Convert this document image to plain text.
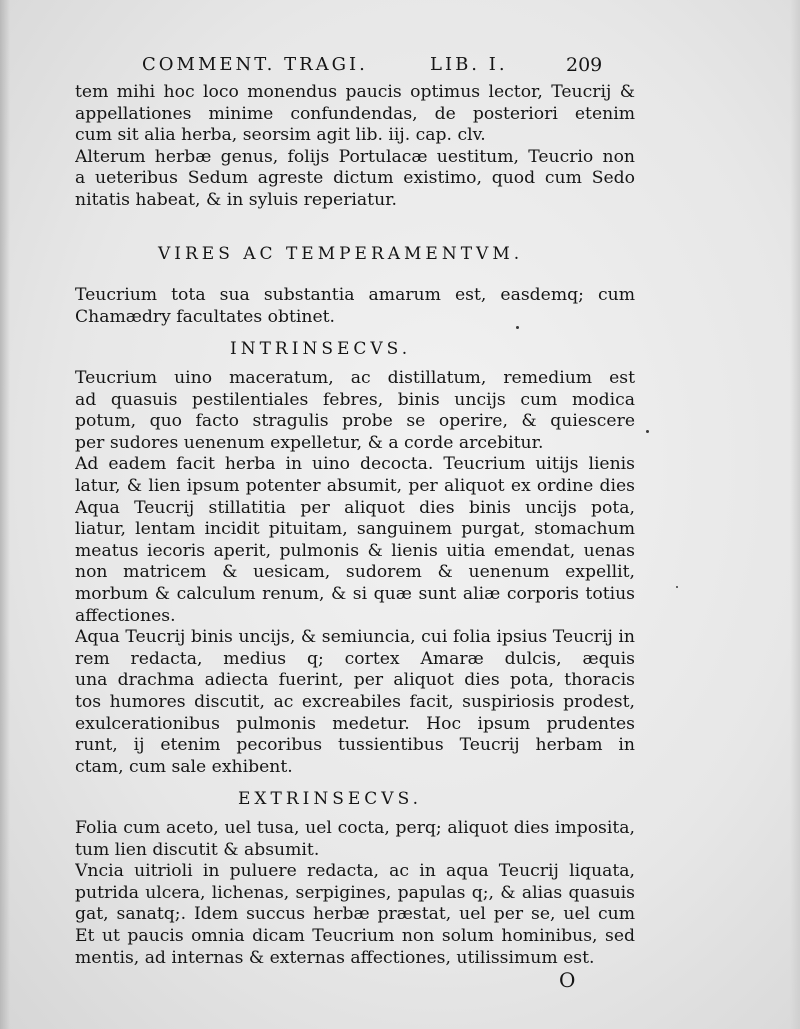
COMMENT. TRAGI.	LIB. I.	209
tem mihi hoc loco monendus paucis optimus lector, Teucrij &
appellationes minime confundendas, de posteriori etenim
cum sit alia herba, seorsim agit lib. iij. cap. clv.
Alterum herbæ genus, folijs Portulacæ uestitum, Teucrio non
a ueteribus Sedum agreste dictum existimo, quod cum Sedo
nitatis habeat, & in syluis reperiatur.
VIRES AC TEMPERAMENTVM.
Teucrium tota sua substantia amarum est, easdemq; cum
Chamædry facultates obtinet.
INTRINSECVS.
Teucrium uino maceratum, ac distillatum, remedium est
ad quasuis pestilentiales febres, binis uncijs cum modica
potum, quo facto stragulis probe se operire, & quiescere
per sudores uenenum expelletur, & a corde arcebitur.
Ad eadem facit herba in uino decocta. Teucrium uitijs lienis
latur, & lien ipsum potenter absumit, per aliquot ex ordine dies
Aqua Teucrij stillatitia per aliquot dies binis uncijs pota,
liatur, lentam incidit pituitam, sanguinem purgat, stomachum
meatus iecoris aperit, pulmonis & lienis uitia emendat, uenas
non matricem & uesicam, sudorem & uenenum expellit,
morbum & calculum renum, & si quæ sunt aliæ corporis totius
affectiones.
Aqua Teucrij binis uncijs, & semiuncia, cui folia ipsius Teucrij in
rem redacta, medius q; cortex Amaræ dulcis, æquis
una drachma adiecta fuerint, per aliquot dies pota, thoracis
tos humores discutit, ac excreabiles facit, suspiriosis prodest,
exulcerationibus pulmonis medetur. Hoc ipsum prudentes
runt, ij etenim pecoribus tussientibus Teucrij herbam in
ctam, cum sale exhibent.
EXTRINSECVS.
Folia cum aceto, uel tusa, uel cocta, perq; aliquot dies imposita,
tum lien discutit & absumit.
Vncia uitrioli in puluere redacta, ac in aqua Teucrij liquata,
putrida ulcera, lichenas, serpigines, papulas q;, & alias quasuis
gat, sanatq;. Idem succus herbæ præstat, uel per se, uel cum
Et ut paucis omnia dicam Teucrium non solum hominibus, sed
mentis, ad internas & externas affectiones, utilissimum est.
O
